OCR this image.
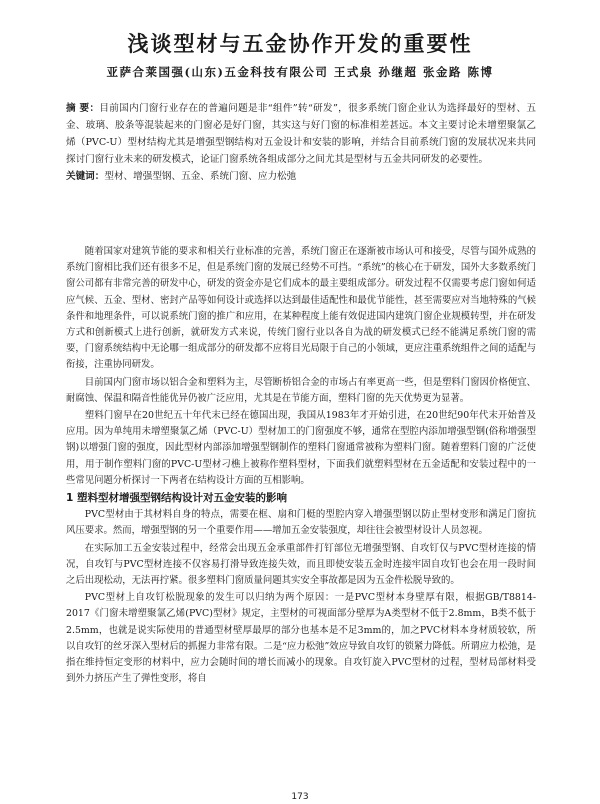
浅谈型材与五金协作开发的重要性

亚萨合莱国强(山东)五金科技有限公司 王式泉 孙继超 张金路 陈博

摘 要：目前国内门窗行业存在的普遍问题是非“组件”转“研发”，很多系统门窗企业认为选择最好的型材、五金、玻璃、胶条等混装起来的门窗必是好门窗，其实这与好门窗的标准相差甚远。本文主要讨论未增塑聚氯乙烯（PVC-U）型材结构尤其是增强型钢结构对五金设计和安装的影响，并结合目前系统门窗的发展状况来共同探讨门窗行业未来的研发模式，论证门窗系统各组成部分之间尤其是型材与五金共同研发的必要性。

关键词：型材、增强型钢、五金、系统门窗、应力松弛

随着国家对建筑节能的要求和相关行业标准的完善，系统门窗正在逐渐被市场认可和接受，尽管与国外成熟的系统门窗相比我们还有很多不足，但是系统门窗的发展已经势不可挡。“系统”的核心在于研发，国外大多数系统门窗公司都有非常完善的研发中心，研发的资金亦是它们成本的最主要组成部分。研发过程不仅需要考虑门窗如何适应气候、五金、型材、密封产品等如何设计或选择以达到最佳适配性和最优节能性，甚至需要应对当地特殊的气候条件和地理条件，可以说系统门窗的推广和应用，在某种程度上能有效促进国内建筑门窗企业规模转型，并在研发方式和创新模式上进行创新，就研发方式来说，传统门窗行业以各自为战的研发模式已经不能满足系统门窗的需要，门窗系统结构中无论哪一组成部分的研发都不应将目光局限于自己的小领域，更应注重系统组件之间的适配与衔接，注重协同研发。

目前国内门窗市场以铝合金和塑料为主，尽管断桥铝合金的市场占有率更高一些，但是塑料门窗因价格便宜、耐腐蚀、保温和隔音性能优异仍被广泛应用，尤其是在节能方面，塑料门窗的先天优势更为显著。

塑料门窗早在20世纪五十年代末已经在德国出现，我国从1983年才开始引进，在20世纪90年代末开始普及应用。因为单纯用未增塑聚氯乙烯（PVC-U）型材加工的门窗强度不够，通常在型腔内添加增强型钢(俗称增强型钢)以增强门窗的强度，因此型材内部添加增强型钢制作的塑料门窗通常被称为塑料门窗。随着塑料门窗的广泛使用，用于制作塑料门窗的PVC-U型材刁樵上被称作塑料型材，下面我们就塑料型材在五金适配和安装过程中的一些常见问题分析探讨一下两者在结构设计方面的互相影响。

1 塑料型材增强型钢结构设计对五金安装的影响

PVC型材由于其材料自身的特点，需要在框、扇和门梃的型腔内穿入增强型钢以防止型材变形和满足门窗抗风压要求。然而，增强型钢的另一个重要作用——增加五金安装强度，却往往会被型材设计人员忽视。

在实际加工五金安装过程中，经常会出现五金承重部件打钉部位无增强型钢、自攻钉仅与PVC型材连接的情况，自攻钉与PVC型材连接不仅容易打滑导致连接失效，而且即使安装五金时连接牢固自攻钉也会在用一段时间之后出现松动，无法再拧紧。很多塑料门窗质量问题其实安全事故都是因为五金件松脱导致的。

PVC型材上自攻钉松脱现象的发生可以归纳为两个原因：一是PVC型材本身壁厚有限，根据GB/T8814-2017《门窗未增塑聚氯乙烯(PVC)型材》规定，主型材的可视面部分壁厚为A类型材不低于2.8mm，B类不低于2.5mm，也就是说实际使用的普通型材壁厚最厚的部分也基本是不足3mm的，加之PVC材料本身材质较软，所以自攻钉的丝牙深入型材后的抓握力非常有限。二是“应力松弛”效应导致自攻钉的锁紧力降低。所谓应力松弛，是指在维持恒定变形的材料中，应力会随时间的增长而减小的现象。自攻钉旋入PVC型材的过程，型材局部材料受到外力挤压产生了弹性变形，将自

173
